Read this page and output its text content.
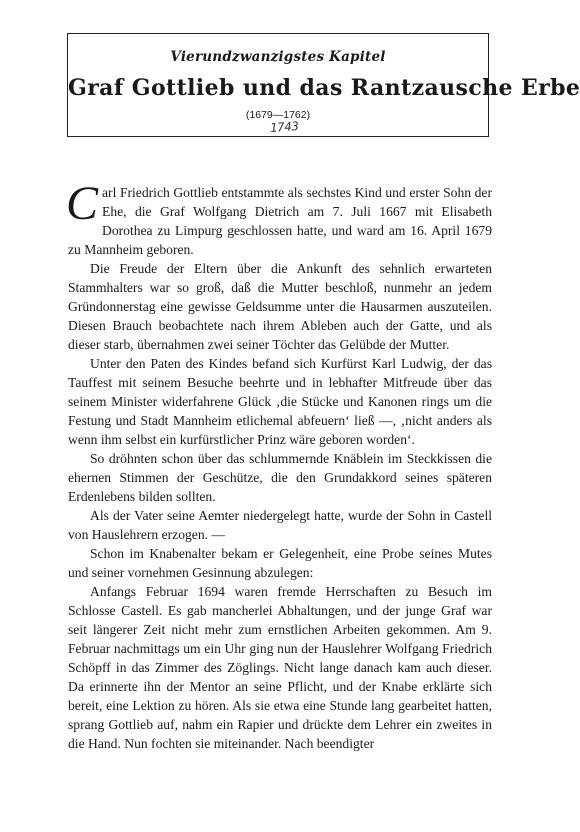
Vierundzwanzigstes Kapitel
Graf Gottlieb und das Rantzausche Erbe
(1679—1762)
1743

Carl Friedrich Gottlieb entstammte als sechstes Kind und erster Sohn der Ehe, die Graf Wolfgang Dietrich am 7. Juli 1667 mit Elisabeth Dorothea zu Limpurg geschlossen hatte, und ward am 16. April 1679 zu Mannheim geboren.

Die Freude der Eltern über die Ankunft des sehnlich erwarteten Stammhalters war so groß, daß die Mutter beschloß, nunmehr an jedem Gründonnerstag eine gewisse Geldsumme unter die Hausarmen auszuteilen. Diesen Brauch beobachtete nach ihrem Ableben auch der Gatte, und als dieser starb, übernahmen zwei seiner Töchter das Gelübde der Mutter.

Unter den Paten des Kindes befand sich Kurfürst Karl Ludwig, der das Tauffest mit seinem Besuche beehrte und in lebhafter Mitfreude über das seinem Minister widerfahrene Glück ‚die Stücke und Kanonen rings um die Festung und Stadt Mannheim etlichemal abfeuern‘ ließ —, ‚nicht anders als wenn ihm selbst ein kurfürstlicher Prinz wäre geboren worden‘.

So dröhnten schon über das schlummernde Knäblein im Steckkissen die ehernen Stimmen der Geschütze, die den Grundakkord seines späteren Erdenlebens bilden sollten.

Als der Vater seine Aemter niedergelegt hatte, wurde der Sohn in Castell von Hauslehrern erzogen. —

Schon im Knabenalter bekam er Gelegenheit, eine Probe seines Mutes und seiner vornehmen Gesinnung abzulegen:

Anfangs Februar 1694 waren fremde Herrschaften zu Besuch im Schlosse Castell. Es gab mancherlei Abhaltungen, und der junge Graf war seit längerer Zeit nicht mehr zum ernstlichen Arbeiten gekommen. Am 9. Februar nachmittags um ein Uhr ging nun der Hauslehrer Wolfgang Friedrich Schöpff in das Zimmer des Zöglings. Nicht lange danach kam auch dieser. Da erinnerte ihn der Mentor an seine Pflicht, und der Knabe erklärte sich bereit, eine Lektion zu hören. Als sie etwa eine Stunde lang gearbeitet hatten, sprang Gottlieb auf, nahm ein Rapier und drückte dem Lehrer ein zweites in die Hand. Nun fochten sie miteinander. Nach beendigter
